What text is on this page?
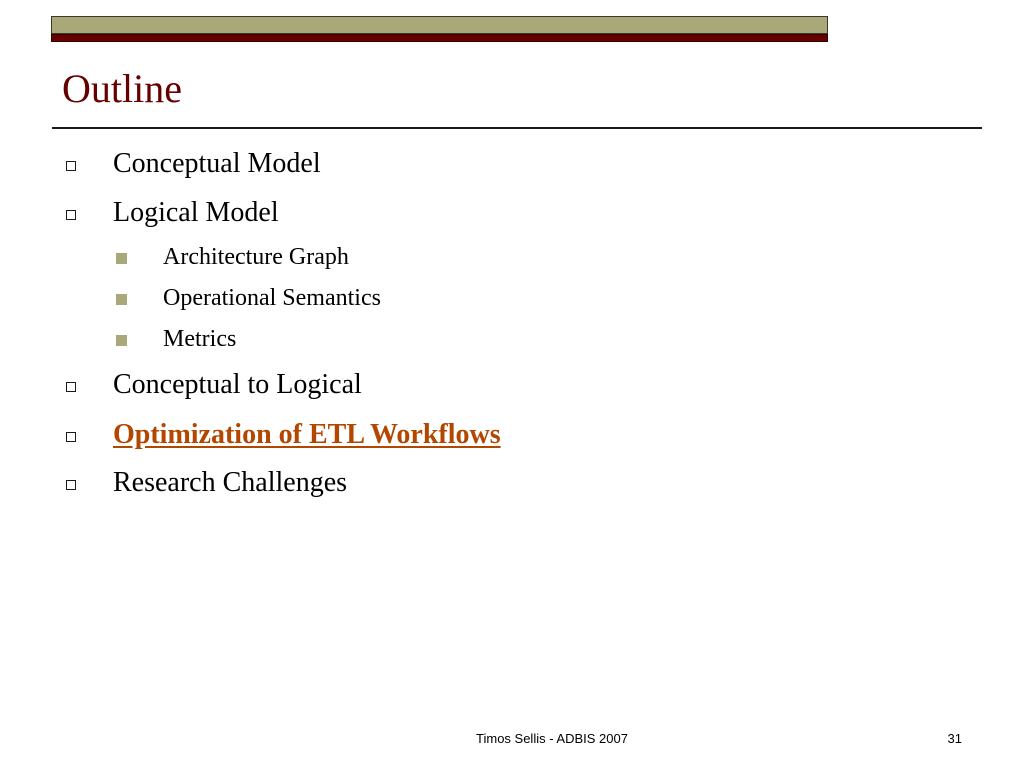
Outline
Conceptual Model
Logical Model
Architecture Graph
Operational Semantics
Metrics
Conceptual to Logical
Optimization of ETL Workflows
Research Challenges
Timos Sellis - ADBIS 2007	31
